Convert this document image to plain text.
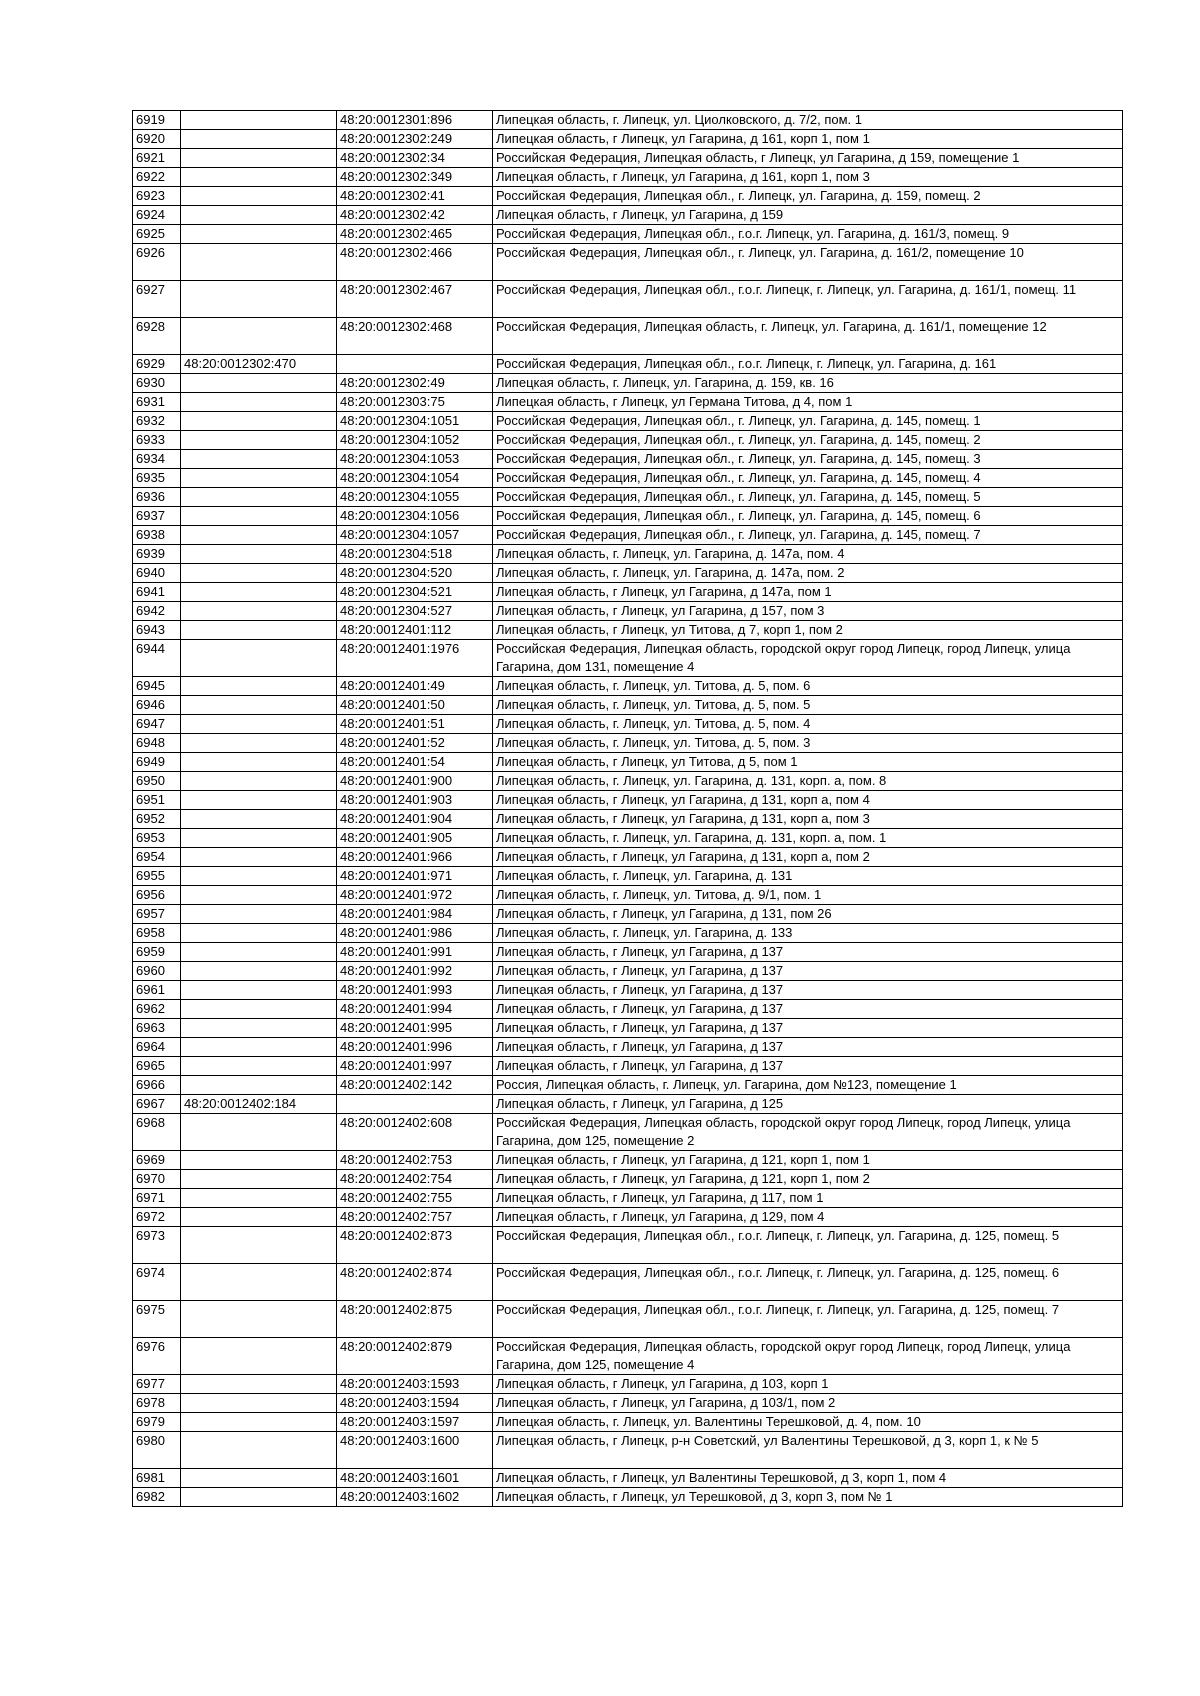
6919		48:20:0012301:896	Липецкая область, г. Липецк, ул. Циолковского, д. 7/2, пом. 1
6920		48:20:0012302:249	Липецкая область, г Липецк, ул Гагарина, д 161, корп 1, пом 1
6921		48:20:0012302:34	Российская Федерация, Липецкая область, г Липецк, ул Гагарина, д 159, помещение 1
6922		48:20:0012302:349	Липецкая область, г Липецк, ул Гагарина, д 161, корп 1, пом 3
6923		48:20:0012302:41	Российская Федерация, Липецкая обл., г. Липецк, ул. Гагарина, д. 159, помещ. 2
6924		48:20:0012302:42	Липецкая область, г Липецк, ул Гагарина, д 159
6925		48:20:0012302:465	Российская Федерация, Липецкая обл., г.о.г. Липецк, ул. Гагарина, д. 161/3, помещ. 9
6926		48:20:0012302:466	Российская Федерация, Липецкая обл., г. Липецк, ул. Гагарина, д. 161/2, помещение 10
6927		48:20:0012302:467	Российская Федерация, Липецкая обл., г.о.г. Липецк, г. Липецк, ул. Гагарина, д. 161/1, помещ. 11
6928		48:20:0012302:468	Российская Федерация, Липецкая область, г. Липецк, ул. Гагарина, д. 161/1, помещение 12
6929	48:20:0012302:470		Российская Федерация, Липецкая обл., г.о.г. Липецк, г. Липецк, ул. Гагарина, д. 161
6930		48:20:0012302:49	Липецкая область, г. Липецк, ул. Гагарина, д. 159, кв. 16
6931		48:20:0012303:75	Липецкая область, г Липецк, ул Германа Титова, д 4, пом 1
6932		48:20:0012304:1051	Российская Федерация, Липецкая обл., г. Липецк, ул. Гагарина, д. 145, помещ. 1
6933		48:20:0012304:1052	Российская Федерация, Липецкая обл., г. Липецк, ул. Гагарина, д. 145, помещ. 2
6934		48:20:0012304:1053	Российская Федерация, Липецкая обл., г. Липецк, ул. Гагарина, д. 145, помещ. 3
6935		48:20:0012304:1054	Российская Федерация, Липецкая обл., г. Липецк, ул. Гагарина, д. 145, помещ. 4
6936		48:20:0012304:1055	Российская Федерация, Липецкая обл., г. Липецк, ул. Гагарина, д. 145, помещ. 5
6937		48:20:0012304:1056	Российская Федерация, Липецкая обл., г. Липецк, ул. Гагарина, д. 145, помещ. 6
6938		48:20:0012304:1057	Российская Федерация, Липецкая обл., г. Липецк, ул. Гагарина, д. 145, помещ. 7
6939		48:20:0012304:518	Липецкая область, г. Липецк, ул. Гагарина, д. 147а, пом. 4
6940		48:20:0012304:520	Липецкая область, г. Липецк, ул. Гагарина, д. 147а, пом. 2
6941		48:20:0012304:521	Липецкая область, г Липецк, ул Гагарина, д 147а, пом 1
6942		48:20:0012304:527	Липецкая область, г Липецк, ул Гагарина, д 157, пом 3
6943		48:20:0012401:112	Липецкая область, г Липецк, ул Титова, д 7, корп 1, пом 2
6944		48:20:0012401:1976	Российская Федерация, Липецкая область, городской округ город Липецк, город Липецк, улица Гагарина, дом 131, помещение 4
6945		48:20:0012401:49	Липецкая область, г. Липецк, ул. Титова, д. 5, пом. 6
6946		48:20:0012401:50	Липецкая область, г. Липецк, ул. Титова, д. 5, пом. 5
6947		48:20:0012401:51	Липецкая область, г. Липецк, ул. Титова, д. 5, пом. 4
6948		48:20:0012401:52	Липецкая область, г. Липецк, ул. Титова, д. 5, пом. 3
6949		48:20:0012401:54	Липецкая область, г Липецк, ул Титова, д 5, пом 1
6950		48:20:0012401:900	Липецкая область, г. Липецк, ул. Гагарина, д. 131, корп. а, пом. 8
6951		48:20:0012401:903	Липецкая область, г Липецк, ул Гагарина, д 131, корп а, пом 4
6952		48:20:0012401:904	Липецкая область, г Липецк, ул Гагарина, д 131, корп а, пом 3
6953		48:20:0012401:905	Липецкая область, г. Липецк, ул. Гагарина, д. 131, корп. а, пом. 1
6954		48:20:0012401:966	Липецкая область, г Липецк, ул Гагарина, д 131, корп а, пом 2
6955		48:20:0012401:971	Липецкая область, г. Липецк, ул. Гагарина, д. 131
6956		48:20:0012401:972	Липецкая область, г. Липецк, ул. Титова, д. 9/1, пом. 1
6957		48:20:0012401:984	Липецкая область, г Липецк, ул Гагарина, д 131, пом 26
6958		48:20:0012401:986	Липецкая область, г. Липецк, ул. Гагарина, д. 133
6959		48:20:0012401:991	Липецкая область, г Липецк, ул Гагарина, д 137
6960		48:20:0012401:992	Липецкая область, г Липецк, ул Гагарина, д 137
6961		48:20:0012401:993	Липецкая область, г Липецк, ул Гагарина, д 137
6962		48:20:0012401:994	Липецкая область, г Липецк, ул Гагарина, д 137
6963		48:20:0012401:995	Липецкая область, г Липецк, ул Гагарина, д 137
6964		48:20:0012401:996	Липецкая область, г Липецк, ул Гагарина, д 137
6965		48:20:0012401:997	Липецкая область, г Липецк, ул Гагарина, д 137
6966		48:20:0012402:142	Россия, Липецкая область, г. Липецк, ул. Гагарина, дом №123, помещение 1
6967	48:20:0012402:184		Липецкая область, г Липецк, ул Гагарина, д 125
6968		48:20:0012402:608	Российская Федерация, Липецкая область, городской округ город Липецк, город Липецк, улица Гагарина, дом 125, помещение 2
6969		48:20:0012402:753	Липецкая область, г Липецк, ул Гагарина, д 121, корп 1, пом 1
6970		48:20:0012402:754	Липецкая область, г Липецк, ул Гагарина, д 121, корп 1, пом 2
6971		48:20:0012402:755	Липецкая область, г Липецк, ул Гагарина, д 117, пом 1
6972		48:20:0012402:757	Липецкая область, г Липецк, ул Гагарина, д 129, пом 4
6973		48:20:0012402:873	Российская Федерация, Липецкая обл., г.о.г. Липецк, г. Липецк, ул. Гагарина, д. 125, помещ. 5
6974		48:20:0012402:874	Российская Федерация, Липецкая обл., г.о.г. Липецк, г. Липецк, ул. Гагарина, д. 125, помещ. 6
6975		48:20:0012402:875	Российская Федерация, Липецкая обл., г.о.г. Липецк, г. Липецк, ул. Гагарина, д. 125, помещ. 7
6976		48:20:0012402:879	Российская Федерация, Липецкая область, городской округ город Липецк, город Липецк, улица Гагарина, дом 125, помещение 4
6977		48:20:0012403:1593	Липецкая область, г Липецк, ул Гагарина, д 103, корп 1
6978		48:20:0012403:1594	Липецкая область, г Липецк, ул Гагарина, д 103/1, пом 2
6979		48:20:0012403:1597	Липецкая область, г. Липецк, ул. Валентины Терешковой, д. 4, пом. 10
6980		48:20:0012403:1600	Липецкая область, г Липецк, р-н Советский, ул Валентины Терешковой, д 3, корп 1, к № 5
6981		48:20:0012403:1601	Липецкая область, г Липецк, ул Валентины Терешковой, д 3, корп 1, пом 4
6982		48:20:0012403:1602	Липецкая область, г Липецк, ул Терешковой, д 3, корп 3, пом № 1
